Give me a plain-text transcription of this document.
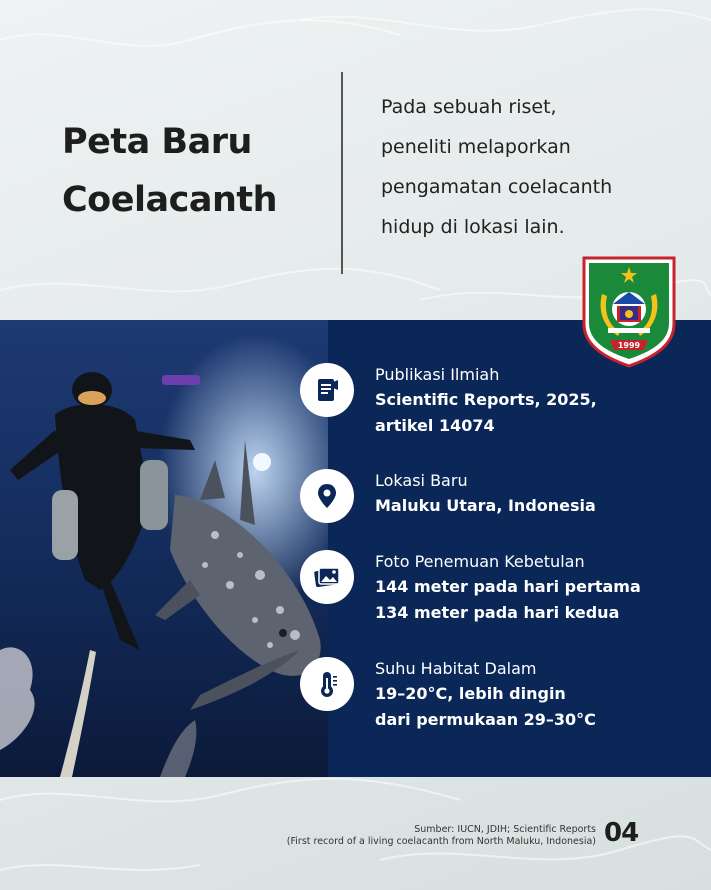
Peta Baru
Coelacanth
Pada sebuah riset,
peneliti melaporkan
pengamatan coelacanth
hidup di lokasi lain.
1999
Publikasi Ilmiah
Scientific Reports, 2025,
artikel 14074
Lokasi Baru
Maluku Utara, Indonesia
Foto Penemuan Kebetulan
144 meter pada hari pertama
134 meter pada hari kedua
Suhu Habitat Dalam
19–20°C, lebih dingin
dari permukaan 29–30°C
Sumber: IUCN, JDIH; Scientific Reports
(First record of a living coelacanth from North Maluku, Indonesia) 04
